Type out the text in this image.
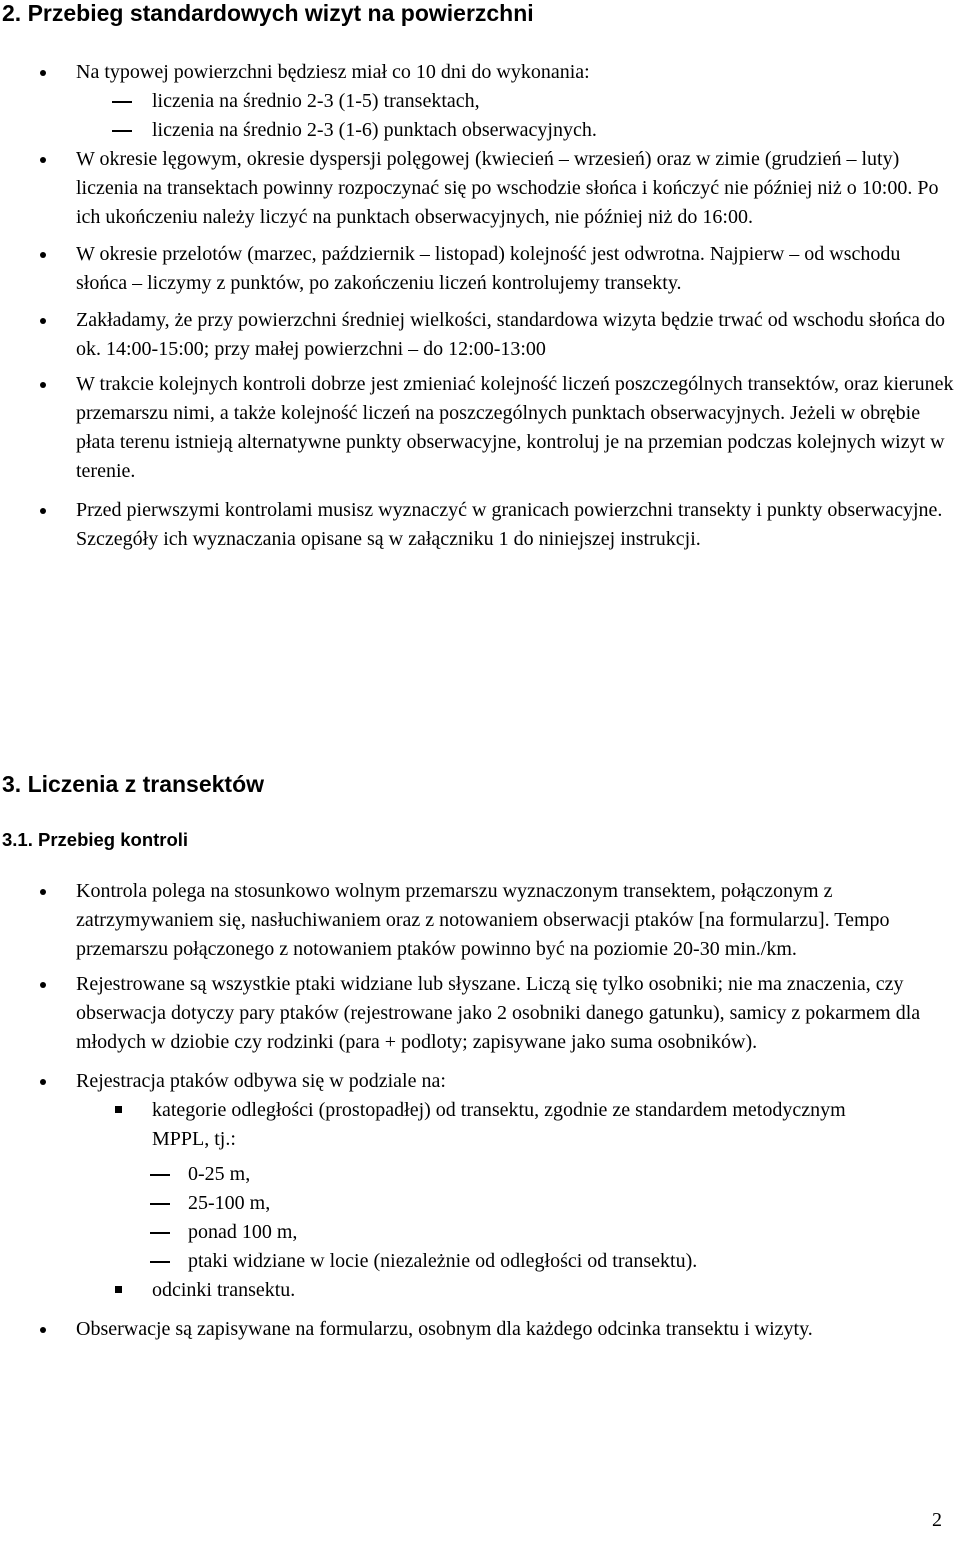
2. Przebieg standardowych wizyt na powierzchni

Na typowej powierzchni będziesz miał co 10 dni do wykonania:

liczenia na średnio 2-3 (1-5) transektach,
liczenia na średnio 2-3 (1-6) punktach obserwacyjnych.

W okresie lęgowym, okresie dyspersji polęgowej (kwiecień – wrzesień) oraz w zimie (grudzień – luty) liczenia na transektach powinny rozpoczynać się po wschodzie słońca i kończyć nie później niż o 10:00. Po ich ukończeniu należy liczyć na punktach obserwacyjnych, nie później niż do 16:00.

W okresie przelotów (marzec, październik – listopad) kolejność jest odwrotna. Najpierw – od wschodu słońca – liczymy z punktów, po zakończeniu liczeń kontrolujemy transekty.

Zakładamy, że przy powierzchni średniej wielkości, standardowa wizyta będzie trwać od wschodu słońca do ok. 14:00-15:00; przy małej powierzchni – do 12:00-13:00

W trakcie kolejnych kontroli dobrze jest zmieniać kolejność liczeń poszczególnych transektów, oraz kierunek przemarszu nimi, a także kolejność liczeń na poszczególnych punktach obserwacyjnych. Jeżeli w obrębie płata terenu istnieją alternatywne punkty obserwacyjne, kontroluj je na przemian podczas kolejnych wizyt w terenie.

Przed pierwszymi kontrolami musisz wyznaczyć w granicach powierzchni transekty i punkty obserwacyjne. Szczegóły ich wyznaczania opisane są w załączniku 1 do niniejszej instrukcji.

3. Liczenia z transektów
3.1. Przebieg kontroli

Kontrola polega na stosunkowo wolnym przemarszu wyznaczonym transektem, połączonym z zatrzymywaniem się, nasłuchiwaniem oraz z notowaniem obserwacji ptaków [na formularzu]. Tempo przemarszu połączonego z notowaniem ptaków powinno być na poziomie 20-30 min./km.

Rejestrowane są wszystkie ptaki widziane lub słyszane. Liczą się tylko osobniki; nie ma znaczenia, czy obserwacja dotyczy pary ptaków (rejestrowane jako 2 osobniki danego gatunku), samicy z pokarmem dla młodych w dziobie czy rodzinki (para + podloty; zapisywane jako suma osobników).

Rejestracja ptaków odbywa się w podziale na:

kategorie odległości (prostopadłej) od transektu, zgodnie ze standardem metodycznym MPPL, tj.:
0-25 m,
25-100 m,
ponad 100 m,
ptaki widziane w locie (niezależnie od odległości od transektu).
odcinki transektu.

Obserwacje są zapisywane na formularzu, osobnym dla każdego odcinka transektu i wizyty.

2
